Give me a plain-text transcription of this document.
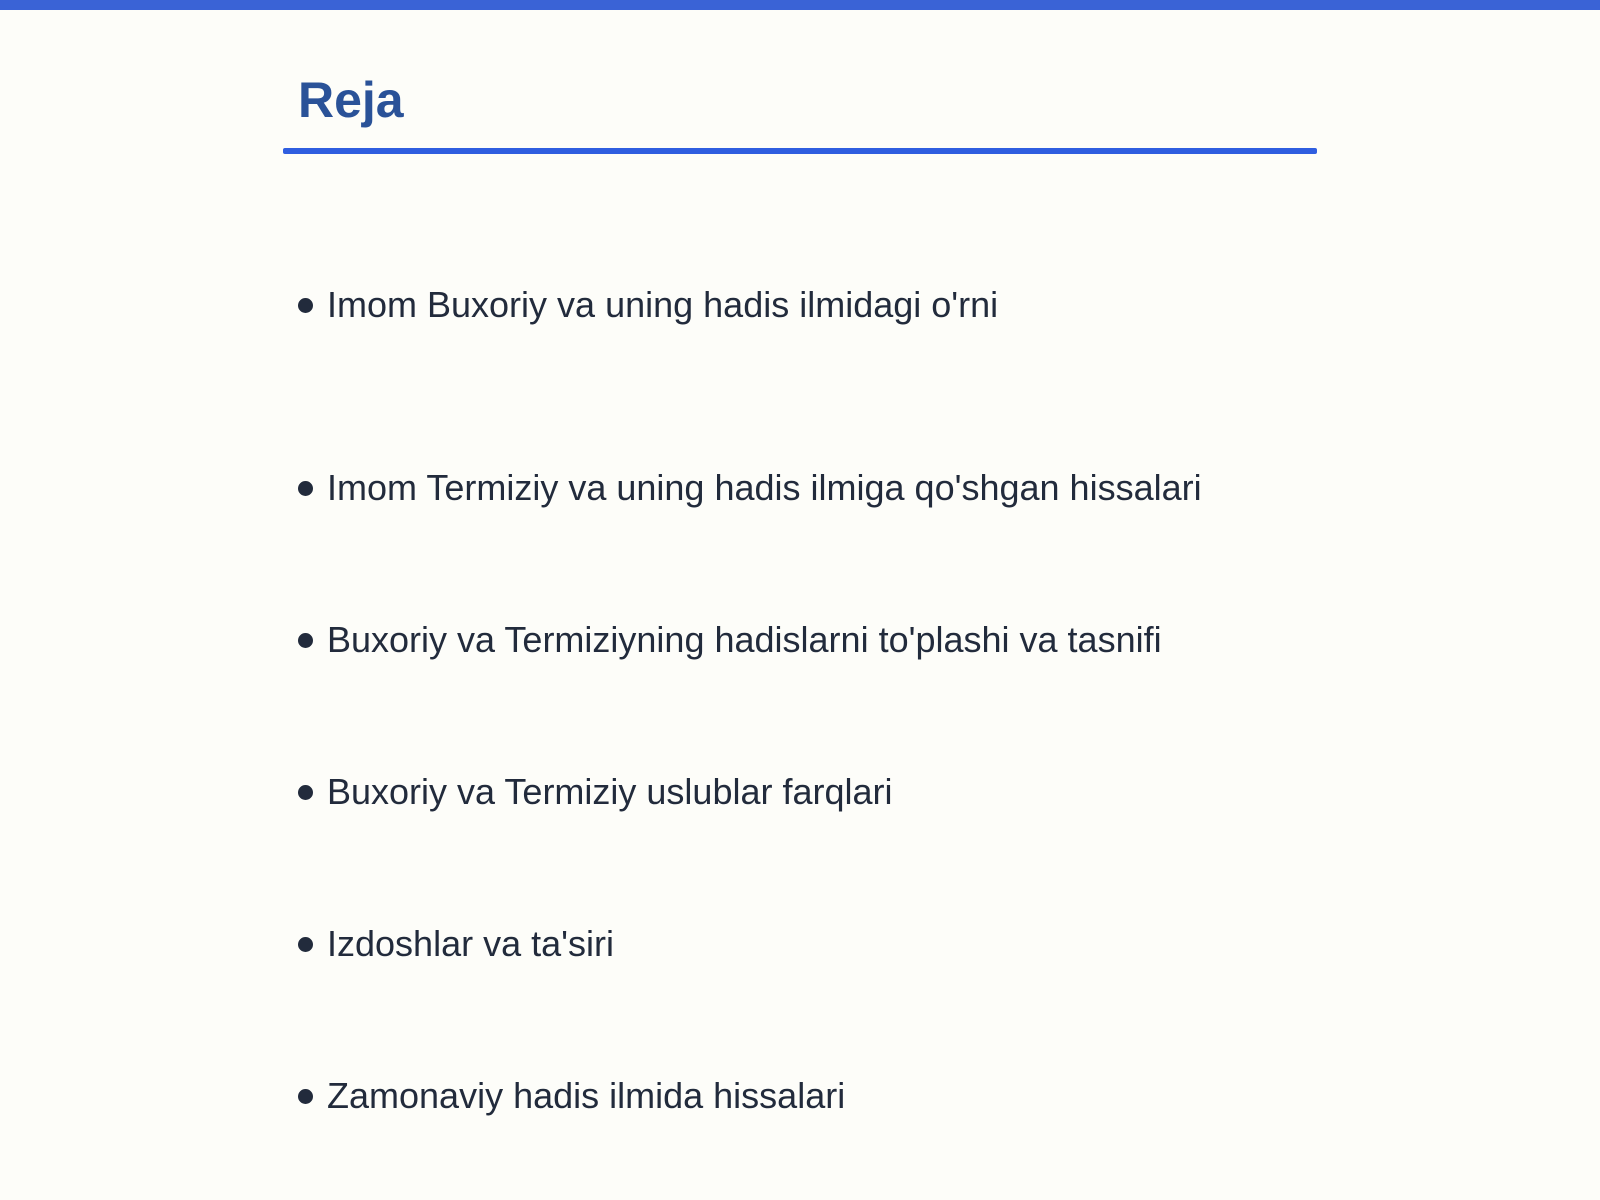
Reja
Imom Buxoriy va uning hadis ilmidagi o'rni
Imom Termiziy va uning hadis ilmiga qo'shgan hissalari
Buxoriy va Termiziyning hadislarni to'plashi va tasnifi
Buxoriy va Termiziy uslublar farqlari
Izdoshlar va ta'siri
Zamonaviy hadis ilmida hissalari
